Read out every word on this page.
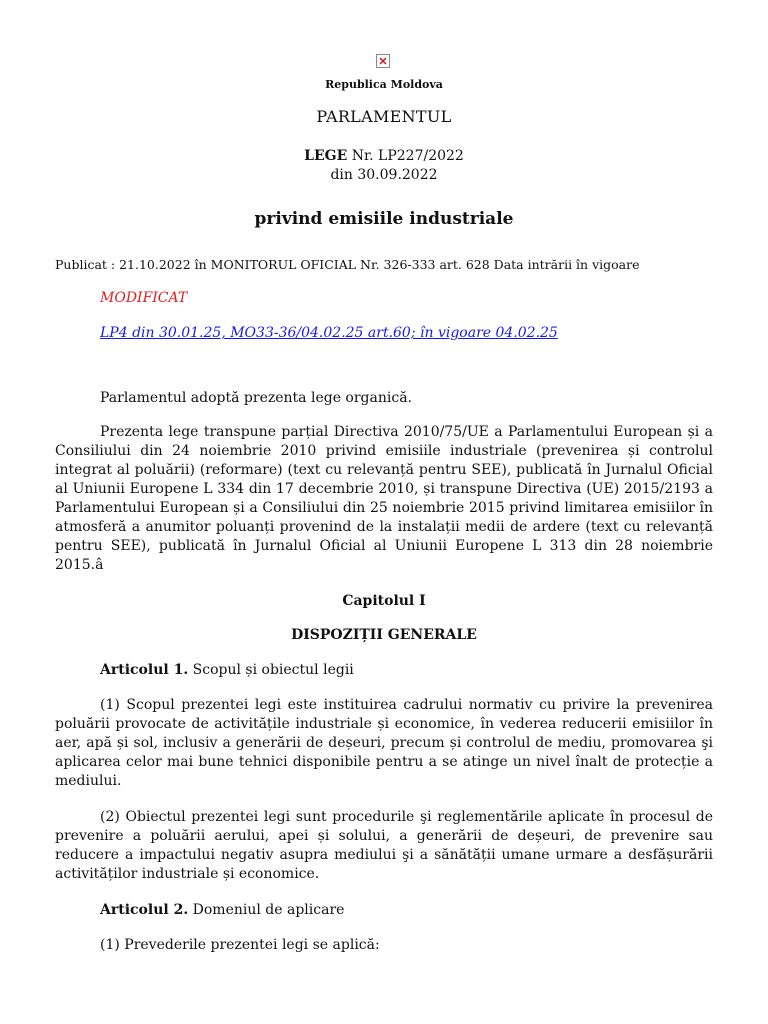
Republica Moldova
PARLAMENTUL
LEGE Nr. LP227/2022
din 30.09.2022
privind emisiile industriale
Publicat : 21.10.2022 în MONITORUL OFICIAL Nr. 326-333 art. 628 Data intrării în vigoare
MODIFICAT
LP4 din 30.01.25, MO33-36/04.02.25 art.60; în vigoare 04.02.25
Parlamentul adoptă prezenta lege organică.
Prezenta lege transpune parțial Directiva 2010/75/UE a Parlamentului European și a Consiliului din 24 noiembrie 2010 privind emisiile industriale (prevenirea și controlul integrat al poluării) (reformare) (text cu relevanță pentru SEE), publicată în Jurnalul Oficial al Uniunii Europene L 334 din 17 decembrie 2010, și transpune Directiva (UE) 2015/2193 a Parlamentului European și a Consiliului din 25 noiembrie 2015 privind limitarea emisiilor în atmosferă a anumitor poluanți provenind de la instalații medii de ardere (text cu relevanță pentru SEE), publicată în Jurnalul Oficial al Uniunii Europene L 313 din 28 noiembrie 2015.â
Capitolul I
DISPOZIȚII GENERALE
Articolul 1. Scopul și obiectul legii
(1) Scopul prezentei legi este instituirea cadrului normativ cu privire la prevenirea poluării provocate de activitățile industriale și economice, în vederea reducerii emisiilor în aer, apă și sol, inclusiv a generării de deșeuri, precum și controlul de mediu, promovarea şi aplicarea celor mai bune tehnici disponibile pentru a se atinge un nivel înalt de protecție a mediului.
(2) Obiectul prezentei legi sunt procedurile şi reglementările aplicate în procesul de prevenire a poluării aerului, apei și solului, a generării de deșeuri, de prevenire sau reducere a impactului negativ asupra mediului şi a sănătății umane urmare a desfășurării activităților industriale și economice.
Articolul 2. Domeniul de aplicare
(1) Prevederile prezentei legi se aplică:
